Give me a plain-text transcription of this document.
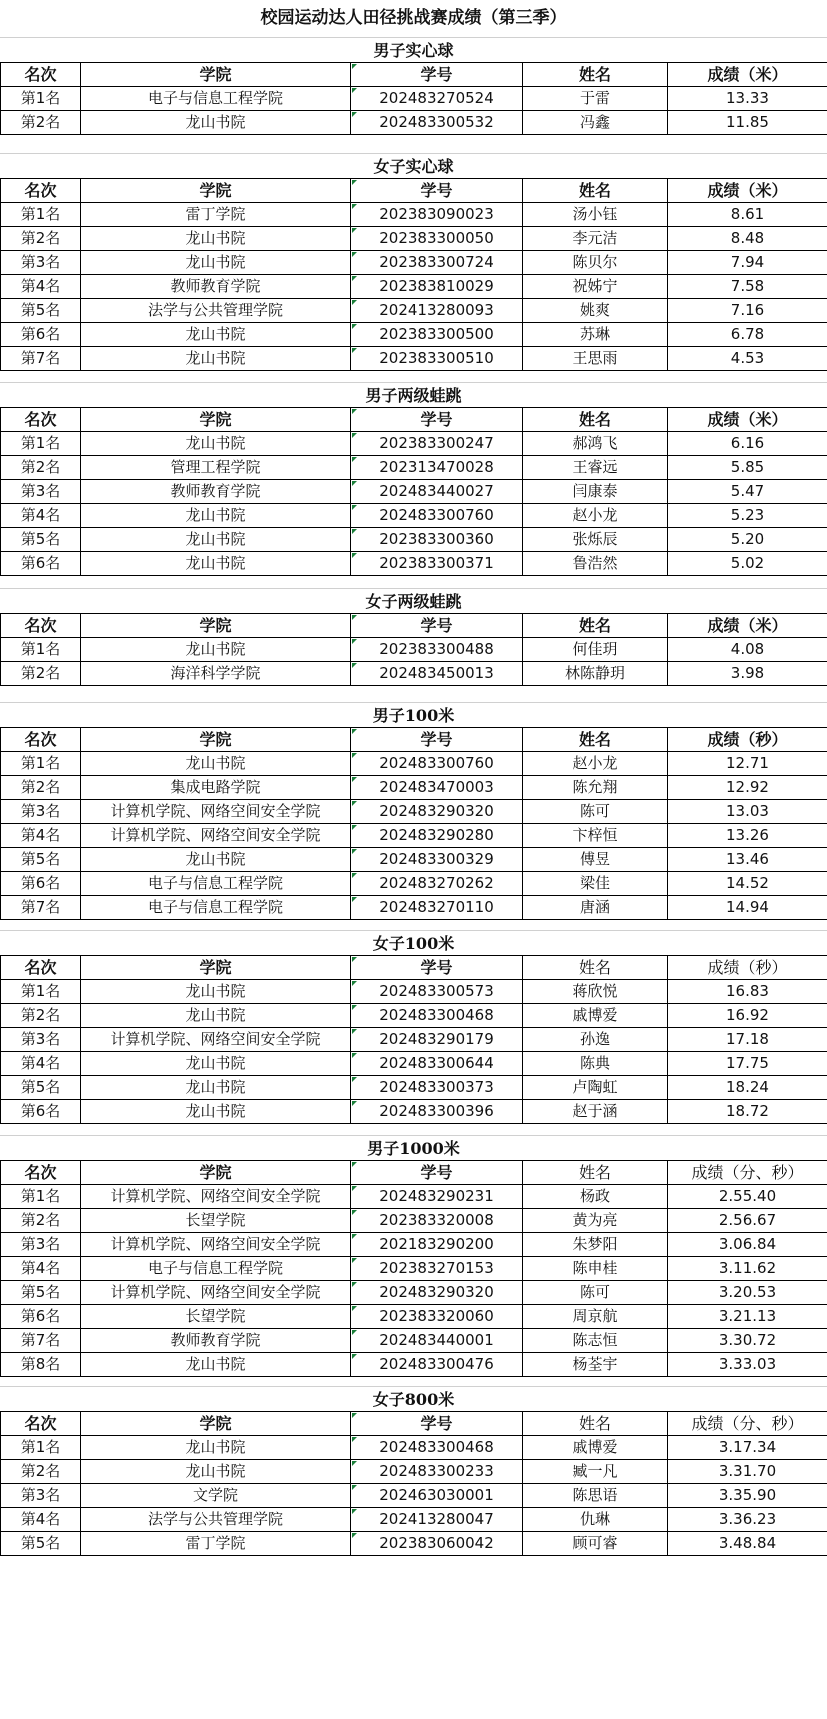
校园运动达人田径挑战赛成绩（第三季）
男子实心球
名次	学院	学号	姓名	成绩（米）
第1名	电子与信息工程学院	202483270524	于雷	13.33
第2名	龙山书院	202483300532	冯鑫	11.85
女子实心球
名次	学院	学号	姓名	成绩（米）
第1名	雷丁学院	202383090023	汤小钰	8.61
第2名	龙山书院	202383300050	李元洁	8.48
第3名	龙山书院	202383300724	陈贝尔	7.94
第4名	教师教育学院	202383810029	祝姊宁	7.58
第5名	法学与公共管理学院	202413280093	姚爽	7.16
第6名	龙山书院	202383300500	苏琳	6.78
第7名	龙山书院	202383300510	王思雨	4.53
男子两级蛙跳
名次	学院	学号	姓名	成绩（米）
第1名	龙山书院	202383300247	郝鸿飞	6.16
第2名	管理工程学院	202313470028	王睿远	5.85
第3名	教师教育学院	202483440027	闫康泰	5.47
第4名	龙山书院	202483300760	赵小龙	5.23
第5名	龙山书院	202383300360	张烁辰	5.20
第6名	龙山书院	202383300371	鲁浩然	5.02
女子两级蛙跳
名次	学院	学号	姓名	成绩（米）
第1名	龙山书院	202383300488	何佳玥	4.08
第2名	海洋科学学院	202483450013	林陈静玥	3.98
男子100米
名次	学院	学号	姓名	成绩（秒）
第1名	龙山书院	202483300760	赵小龙	12.71
第2名	集成电路学院	202483470003	陈允翔	12.92
第3名	计算机学院、网络空间安全学院	202483290320	陈可	13.03
第4名	计算机学院、网络空间安全学院	202483290280	卞梓恒	13.26
第5名	龙山书院	202483300329	傅昱	13.46
第6名	电子与信息工程学院	202483270262	梁佳	14.52
第7名	电子与信息工程学院	202483270110	唐涵	14.94
女子100米
名次	学院	学号	姓名	成绩（秒）
第1名	龙山书院	202483300573	蒋欣悦	16.83
第2名	龙山书院	202483300468	戚博爱	16.92
第3名	计算机学院、网络空间安全学院	202483290179	孙逸	17.18
第4名	龙山书院	202483300644	陈典	17.75
第5名	龙山书院	202483300373	卢陶虹	18.24
第6名	龙山书院	202483300396	赵于涵	18.72
男子1000米
名次	学院	学号	姓名	成绩（分、秒）
第1名	计算机学院、网络空间安全学院	202483290231	杨政	2.55.40
第2名	长望学院	202383320008	黄为亮	2.56.67
第3名	计算机学院、网络空间安全学院	202183290200	朱梦阳	3.06.84
第4名	电子与信息工程学院	202383270153	陈申桂	3.11.62
第5名	计算机学院、网络空间安全学院	202483290320	陈可	3.20.53
第6名	长望学院	202383320060	周京航	3.21.13
第7名	教师教育学院	202483440001	陈志恒	3.30.72
第8名	龙山书院	202483300476	杨荃宇	3.33.03
女子800米
名次	学院	学号	姓名	成绩（分、秒）
第1名	龙山书院	202483300468	戚博爱	3.17.34
第2名	龙山书院	202483300233	臧一凡	3.31.70
第3名	文学院	202463030001	陈思语	3.35.90
第4名	法学与公共管理学院	202413280047	仇琳	3.36.23
第5名	雷丁学院	202383060042	顾可睿	3.48.84
